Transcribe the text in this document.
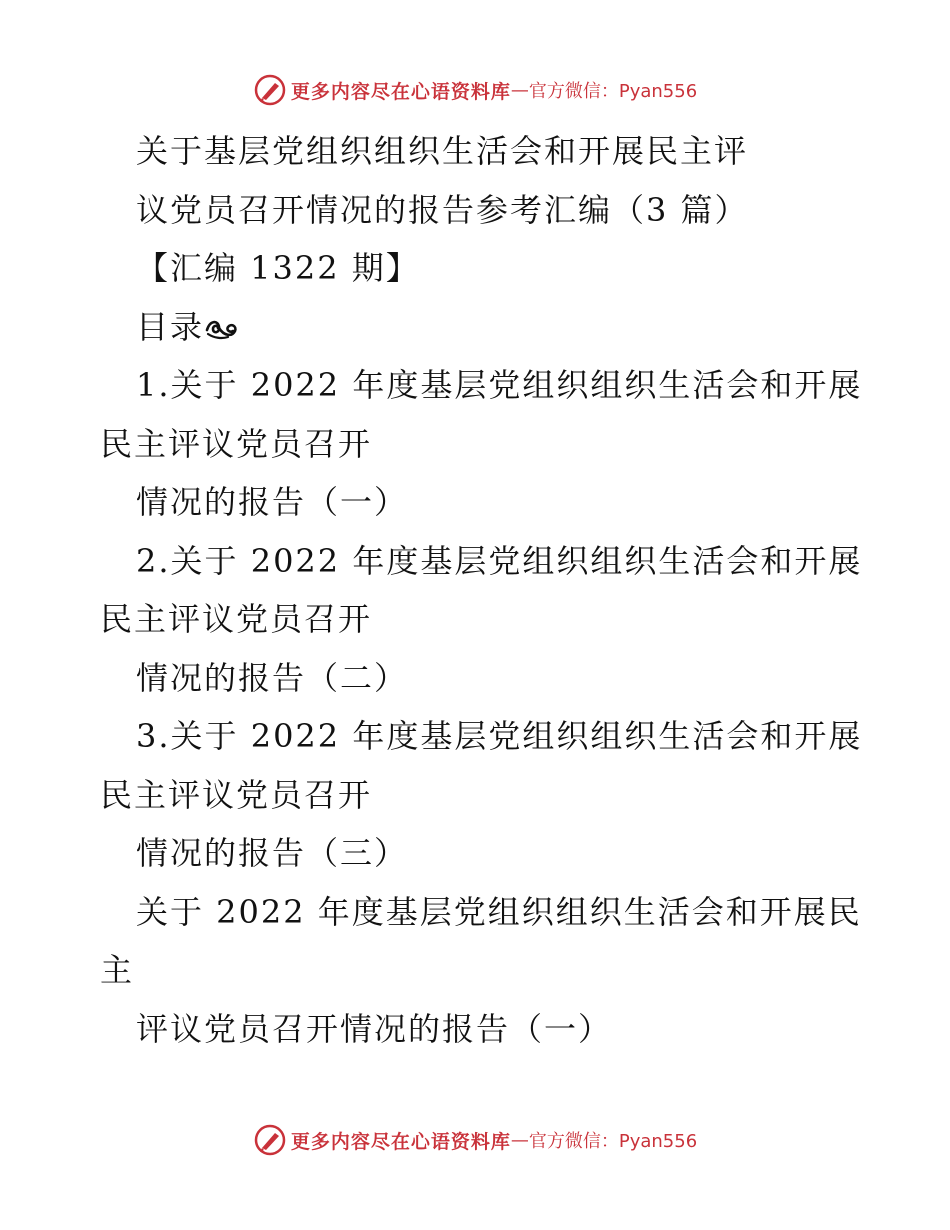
更多内容尽在心语资料库 — 官方微信：Pyan556
关于基层党组织组织生活会和开展民主评
议党员召开情况的报告参考汇编（3 篇）
【汇编 1322 期】
目录
1.关于 2022 年度基层党组织组织生活会和开展
民主评议党员召开
情况的报告（一）
2.关于 2022 年度基层党组织组织生活会和开展
民主评议党员召开
情况的报告（二）
3.关于 2022 年度基层党组织组织生活会和开展
民主评议党员召开
情况的报告（三）
关于 2022 年度基层党组织组织生活会和开展民
主
评议党员召开情况的报告（一）
更多内容尽在心语资料库 — 官方微信：Pyan556
